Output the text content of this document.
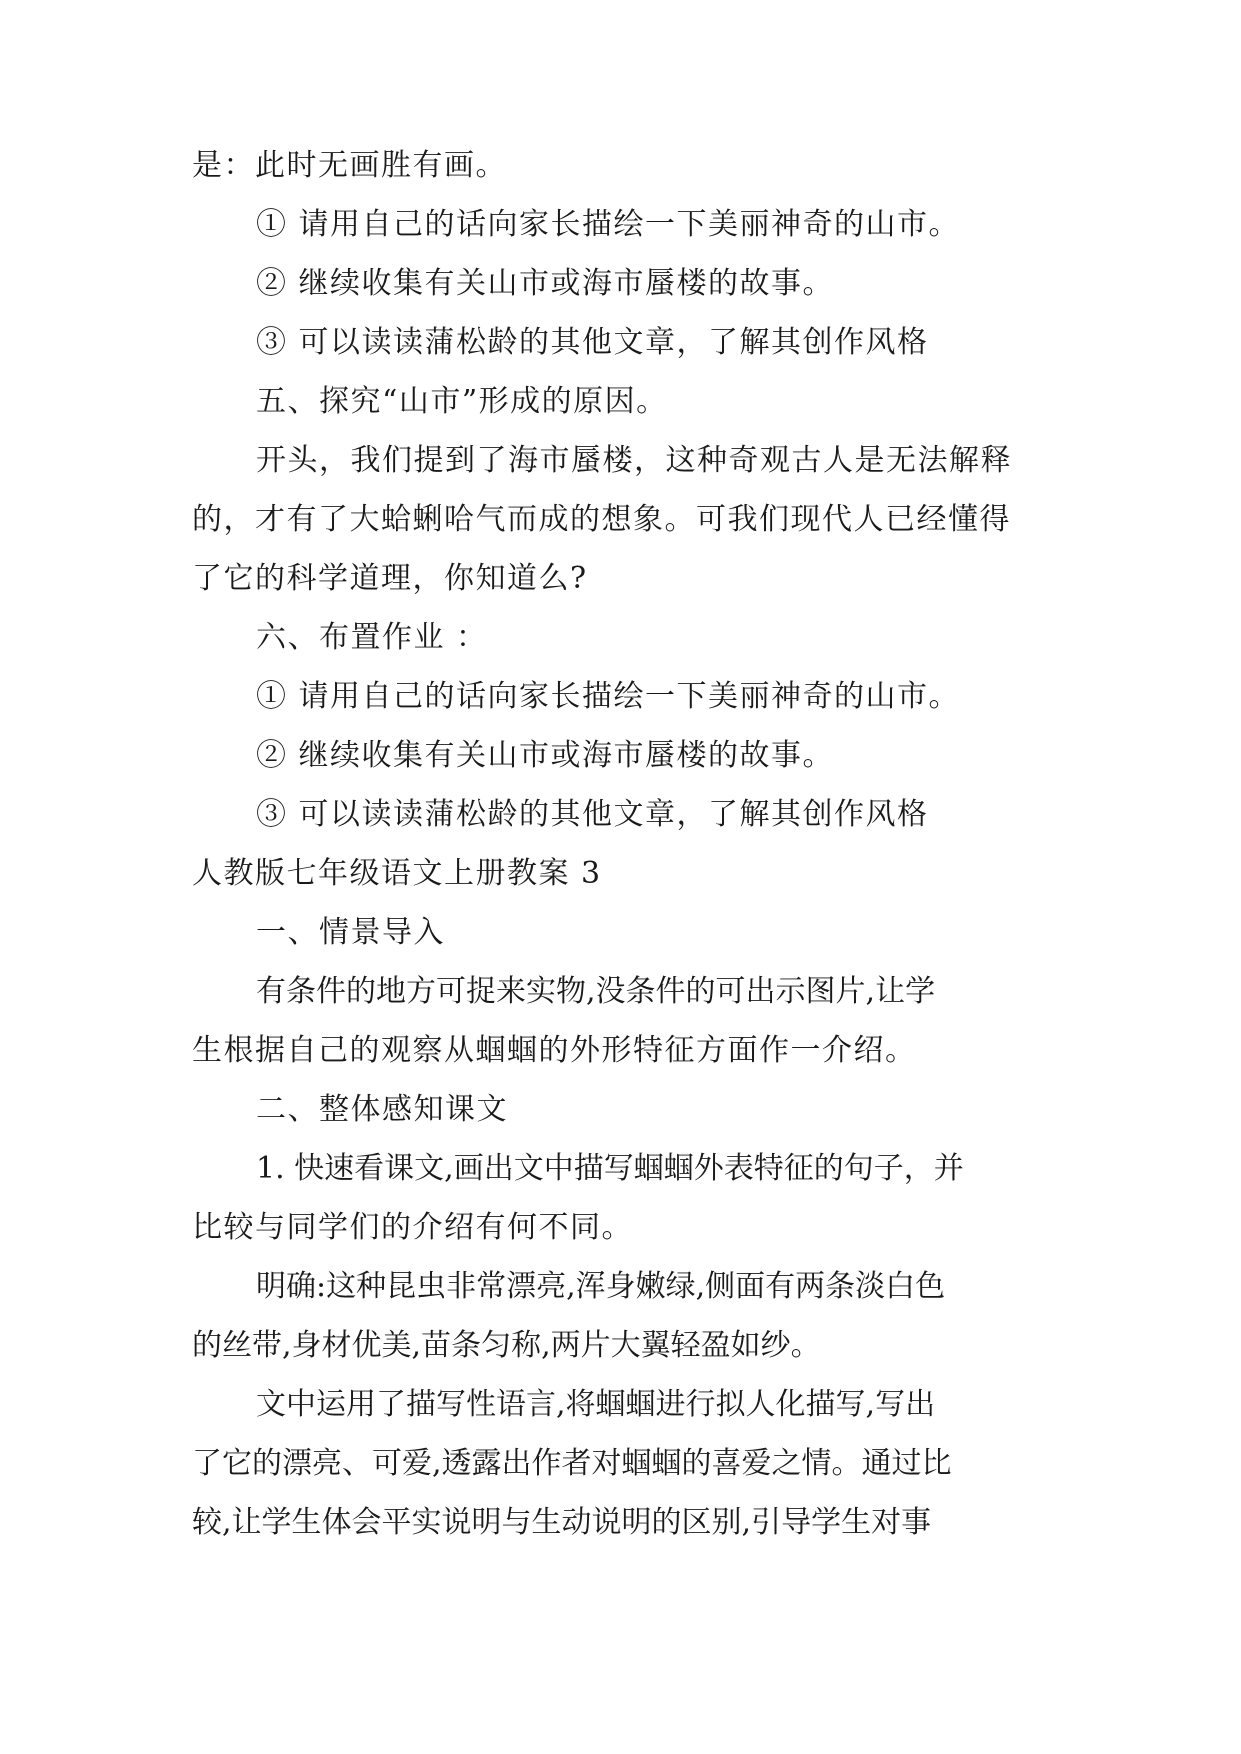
是：此时无画胜有画。
① 请用自己的话向家长描绘一下美丽神奇的山市。
② 继续收集有关山市或海市蜃楼的故事。
③ 可以读读蒲松龄的其他文章，了解其创作风格
五、探究“山市”形成的原因。
开头，我们提到了海市蜃楼，这种奇观古人是无法解释
的，才有了大蛤蜊哈气而成的想象。可我们现代人已经懂得
了它的科学道理，你知道么?
六、布置作业 ：
① 请用自己的话向家长描绘一下美丽神奇的山市。
② 继续收集有关山市或海市蜃楼的故事。
③ 可以读读蒲松龄的其他文章，了解其创作风格
人教版七年级语文上册教案 3
一、情景导入
有条件的地方可捉来实物,没条件的可出示图片,让学
生根据自己的观察从蝈蝈的外形特征方面作一介绍。
二、整体感知课文
1. 快速看课文,画出文中描写蝈蝈外表特征的句子，并
比较与同学们的介绍有何不同。
明确:这种昆虫非常漂亮,浑身嫩绿,侧面有两条淡白色
的丝带,身材优美,苗条匀称,两片大翼轻盈如纱。
文中运用了描写性语言,将蝈蝈进行拟人化描写,写出
了它的漂亮、可爱,透露出作者对蝈蝈的喜爱之情。通过比
较,让学生体会平实说明与生动说明的区别,引导学生对事
